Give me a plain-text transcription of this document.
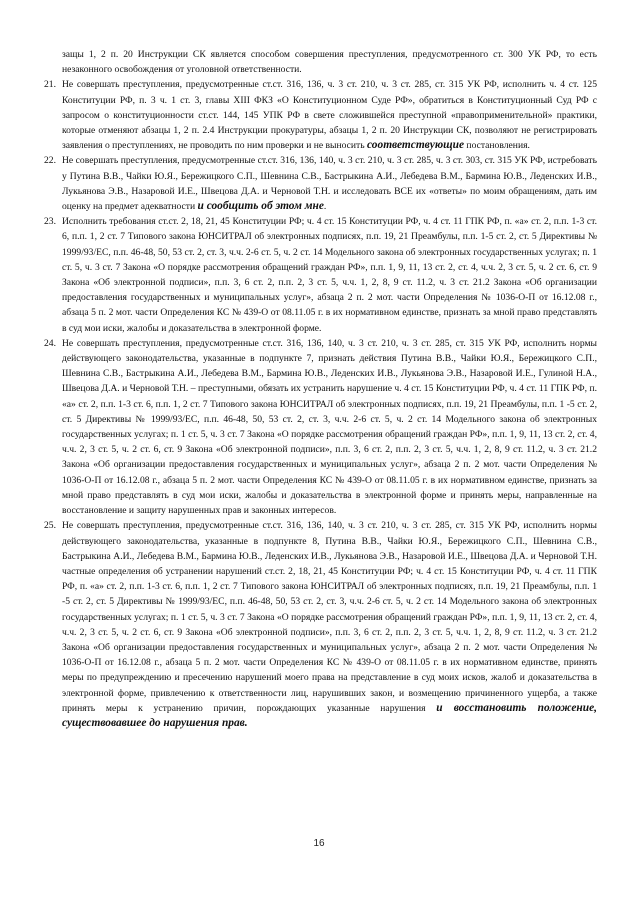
защы 1, 2 п. 20 Инструкции СК является способом совершения преступления, предусмотренного ст. 300 УК РФ, то есть незаконного освобождения от уголовной ответственности.
21. Не совершать преступления, предусмотренные ст.ст. 316, 136, ч. 3 ст. 210, ч. 3 ст. 285, ст. 315 УК РФ, исполнить ч. 4 ст. 125 Конституции РФ, п. 3 ч. 1 ст. 3, главы XIII ФКЗ «О Конституционном Суде РФ», обратиться в Конституционный Суд РФ с запросом о конституционности ст.ст. 144, 145 УПК РФ в свете сложившейся преступной «правоприменительной» практики, которые отменяют абзацы 1, 2 п. 2.4 Инструкции прокуратуры, абзацы 1, 2 п. 20 Инструкции СК, позволяют не регистрировать заявления о преступлениях, не проводить по ним проверки и не выносить соответствующие постановления.
22. Не совершать преступления, предусмотренные ст.ст. 316, 136, 140, ч. 3 ст. 210, ч. 3 ст. 285, ч. 3 ст. 303, ст. 315 УК РФ, истребовать у Путина В.В., Чайки Ю.Я., Бережицкого С.П., Шевнина С.В., Бастрыкина А.И., Лебедева В.М., Бармина Ю.В., Леденских И.В., Лукьянова Э.В., Назаровой И.Е., Швецова Д.А. и Черновой Т.Н. и исследовать ВСЕ их «ответы» по моим обращениям, дать им оценку на предмет адекватности и сообщить об этом мне.
23. Исполнить требования ст.ст. 2, 18, 21, 45 Конституции РФ; ч. 4 ст. 15 Конституции РФ, ч. 4 ст. 11 ГПК РФ, п. «а» ст. 2, п.п. 1-3 ст. 6, п.п. 1, 2 ст. 7 Типового закона ЮНСИТРАЛ об электронных подписях, п.п. 19, 21 Преамбулы, п.п. 1-5 ст. 2, ст. 5 Директивы № 1999/93/ЕС, п.п. 46-48, 50, 53 ст. 2, ст. 3, ч.ч. 2-6 ст. 5, ч. 2 ст. 14 Модельного закона об электронных государственных услугах; п. 1 ст. 5, ч. 3 ст. 7 Закона «О порядке рассмотрения обращений граждан РФ», п.п. 1, 9, 11, 13 ст. 2, ст. 4, ч.ч. 2, 3 ст. 5, ч. 2 ст. 6, ст. 9 Закона «Об электронной подписи», п.п. 3, 6 ст. 2, п.п. 2, 3 ст. 5, ч.ч. 1, 2, 8, 9 ст. 11.2, ч. 3 ст. 21.2 Закона «Об организации предоставления государственных и муниципальных услуг», абзаца 2 п. 2 мот. части Определения № 1036-О-П от 16.12.08 г., абзаца 5 п. 2 мот. части Определения КС № 439-О от 08.11.05 г. в их нормативном единстве, признать за мной право представлять в суд мои иски, жалобы и доказательства в электронной форме.
24. Не совершать преступления, предусмотренные ст.ст. 316, 136, 140, ч. 3 ст. 210, ч. 3 ст. 285, ст. 315 УК РФ, исполнить нормы действующего законодательства, указанные в подпункте 7, признать действия Путина В.В., Чайки Ю.Я., Бережицкого С.П., Шевнина С.В., Бастрыкина А.И., Лебедева В.М., Бармина Ю.В., Леденских И.В., Лукьянова Э.В., Назаровой И.Е., Гулиной Н.А., Швецова Д.А. и Черновой Т.Н. – преступными, обязать их устранить нарушение ч. 4 ст. 15 Конституции РФ, ч. 4 ст. 11 ГПК РФ, п. «а» ст. 2, п.п. 1-3 ст. 6, п.п. 1, 2 ст. 7 Типового закона ЮНСИТРАЛ об электронных подписях, п.п. 19, 21 Преамбулы, п.п. 1 -5 ст. 2, ст. 5 Директивы № 1999/93/ЕС, п.п. 46-48, 50, 53 ст. 2, ст. 3, ч.ч. 2-6 ст. 5, ч. 2 ст. 14 Модельного закона об электронных государственных услугах; п. 1 ст. 5, ч. 3 ст. 7 Закона «О порядке рассмотрения обращений граждан РФ», п.п. 1, 9, 11, 13 ст. 2, ст. 4, ч.ч. 2, 3 ст. 5, ч. 2 ст. 6, ст. 9 Закона «Об электронной подписи», п.п. 3, 6 ст. 2, п.п. 2, 3 ст. 5, ч.ч. 1, 2, 8, 9 ст. 11.2, ч. 3 ст. 21.2 Закона «Об организации предоставления государственных и муниципальных услуг», абзаца 2 п. 2 мот. части Определения № 1036-О-П от 16.12.08 г., абзаца 5 п. 2 мот. части Определения КС № 439-О от 08.11.05 г. в их нормативном единстве, признать за мной право представлять в суд мои иски, жалобы и доказательства в электронной форме и принять меры, направленные на восстановление и защиту нарушенных прав и законных интересов.
25. Не совершать преступления, предусмотренные ст.ст. 316, 136, 140, ч. 3 ст. 210, ч. 3 ст. 285, ст. 315 УК РФ, исполнить нормы действующего законодательства, указанные в подпункте 8, Путина В.В., Чайки Ю.Я., Бережицкого С.П., Шевнина С.В., Бастрыкина А.И., Лебедева В.М., Бармина Ю.В., Леденских И.В., Лукьянова Э.В., Назаровой И.Е., Швецова Д.А. и Черновой Т.Н. частные определения об устранении нарушений ст.ст. 2, 18, 21, 45 Конституции РФ; ч. 4 ст. 15 Конституции РФ, ч. 4 ст. 11 ГПК РФ, п. «а» ст. 2, п.п. 1-3 ст. 6, п.п. 1, 2 ст. 7 Типового закона ЮНСИТРАЛ об электронных подписях, п.п. 19, 21 Преамбулы, п.п. 1 -5 ст. 2, ст. 5 Директивы № 1999/93/ЕС, п.п. 46-48, 50, 53 ст. 2, ст. 3, ч.ч. 2-6 ст. 5, ч. 2 ст. 14 Модельного закона об электронных государственных услугах; п. 1 ст. 5, ч. 3 ст. 7 Закона «О порядке рассмотрения обращений граждан РФ», п.п. 1, 9, 11, 13 ст. 2, ст. 4, ч.ч. 2, 3 ст. 5, ч. 2 ст. 6, ст. 9 Закона «Об электронной подписи», п.п. 3, 6 ст. 2, п.п. 2, 3 ст. 5, ч.ч. 1, 2, 8, 9 ст. 11.2, ч. 3 ст. 21.2 Закона «Об организации предоставления государственных и муниципальных услуг», абзаца 2 п. 2 мот. части Определения № 1036-О-П от 16.12.08 г., абзаца 5 п. 2 мот. части Определения КС № 439-О от 08.11.05 г. в их нормативном единстве, принять меры по предупреждению и пресечению нарушений моего права на представление в суд моих исков, жалоб и доказательства в электронной форме, привлечению к ответственности лиц, нарушивших закон, и возмещению причиненного ущерба, а также принять меры к устранению причин, порождающих указанные нарушения и восстановить положение, существовавшее до нарушения прав.
16
